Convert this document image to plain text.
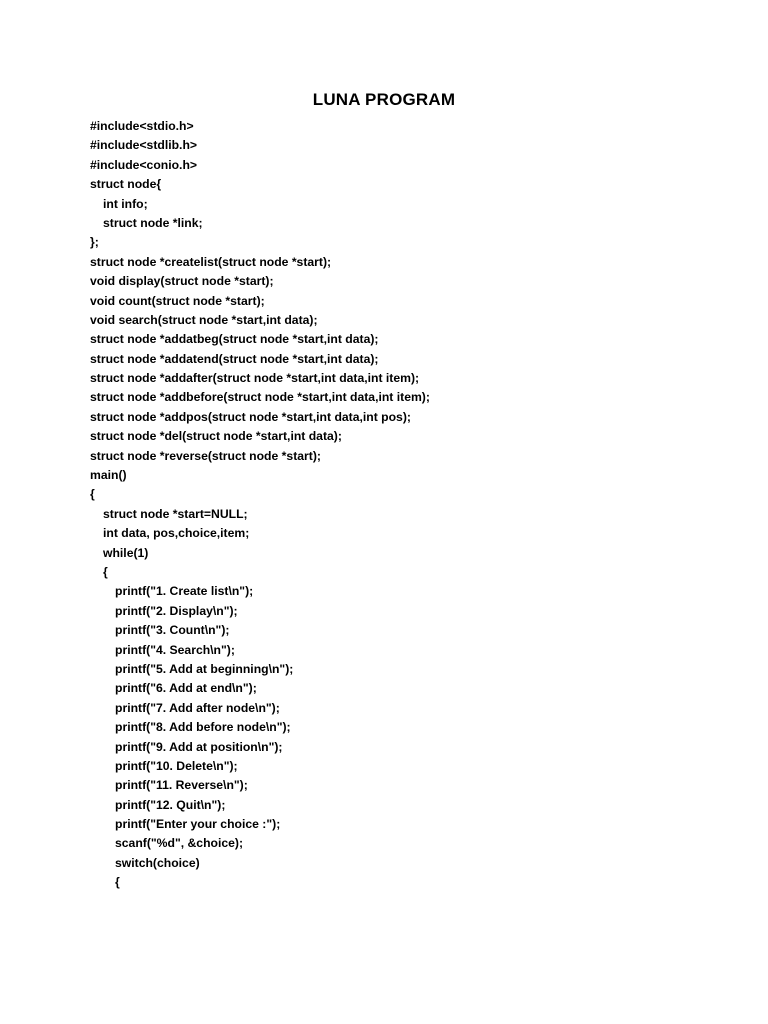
LUNA PROGRAM
#include<stdio.h>
#include<stdlib.h>
#include<conio.h>
struct node{
int info;
struct node *link;
};
struct node *createlist(struct node *start);
void display(struct node *start);
void count(struct node *start);
void search(struct node *start,int data);
struct node *addatbeg(struct node *start,int data);
struct node *addatend(struct node *start,int data);
struct node *addafter(struct node *start,int data,int item);
struct node *addbefore(struct node *start,int data,int item);
struct node *addpos(struct node *start,int data,int pos);
struct node *del(struct node *start,int data);
struct node *reverse(struct node *start);
main()
{
struct node *start=NULL;
int data, pos,choice,item;
while(1)
{
printf("1. Create list\n");
printf("2. Display\n");
printf("3. Count\n");
printf("4. Search\n");
printf("5. Add at beginning\n");
printf("6. Add at end\n");
printf("7. Add after node\n");
printf("8. Add before node\n");
printf("9. Add at position\n");
printf("10. Delete\n");
printf("11. Reverse\n");
printf("12. Quit\n");
printf("Enter your choice :");
scanf("%d", &choice);
switch(choice)
{
